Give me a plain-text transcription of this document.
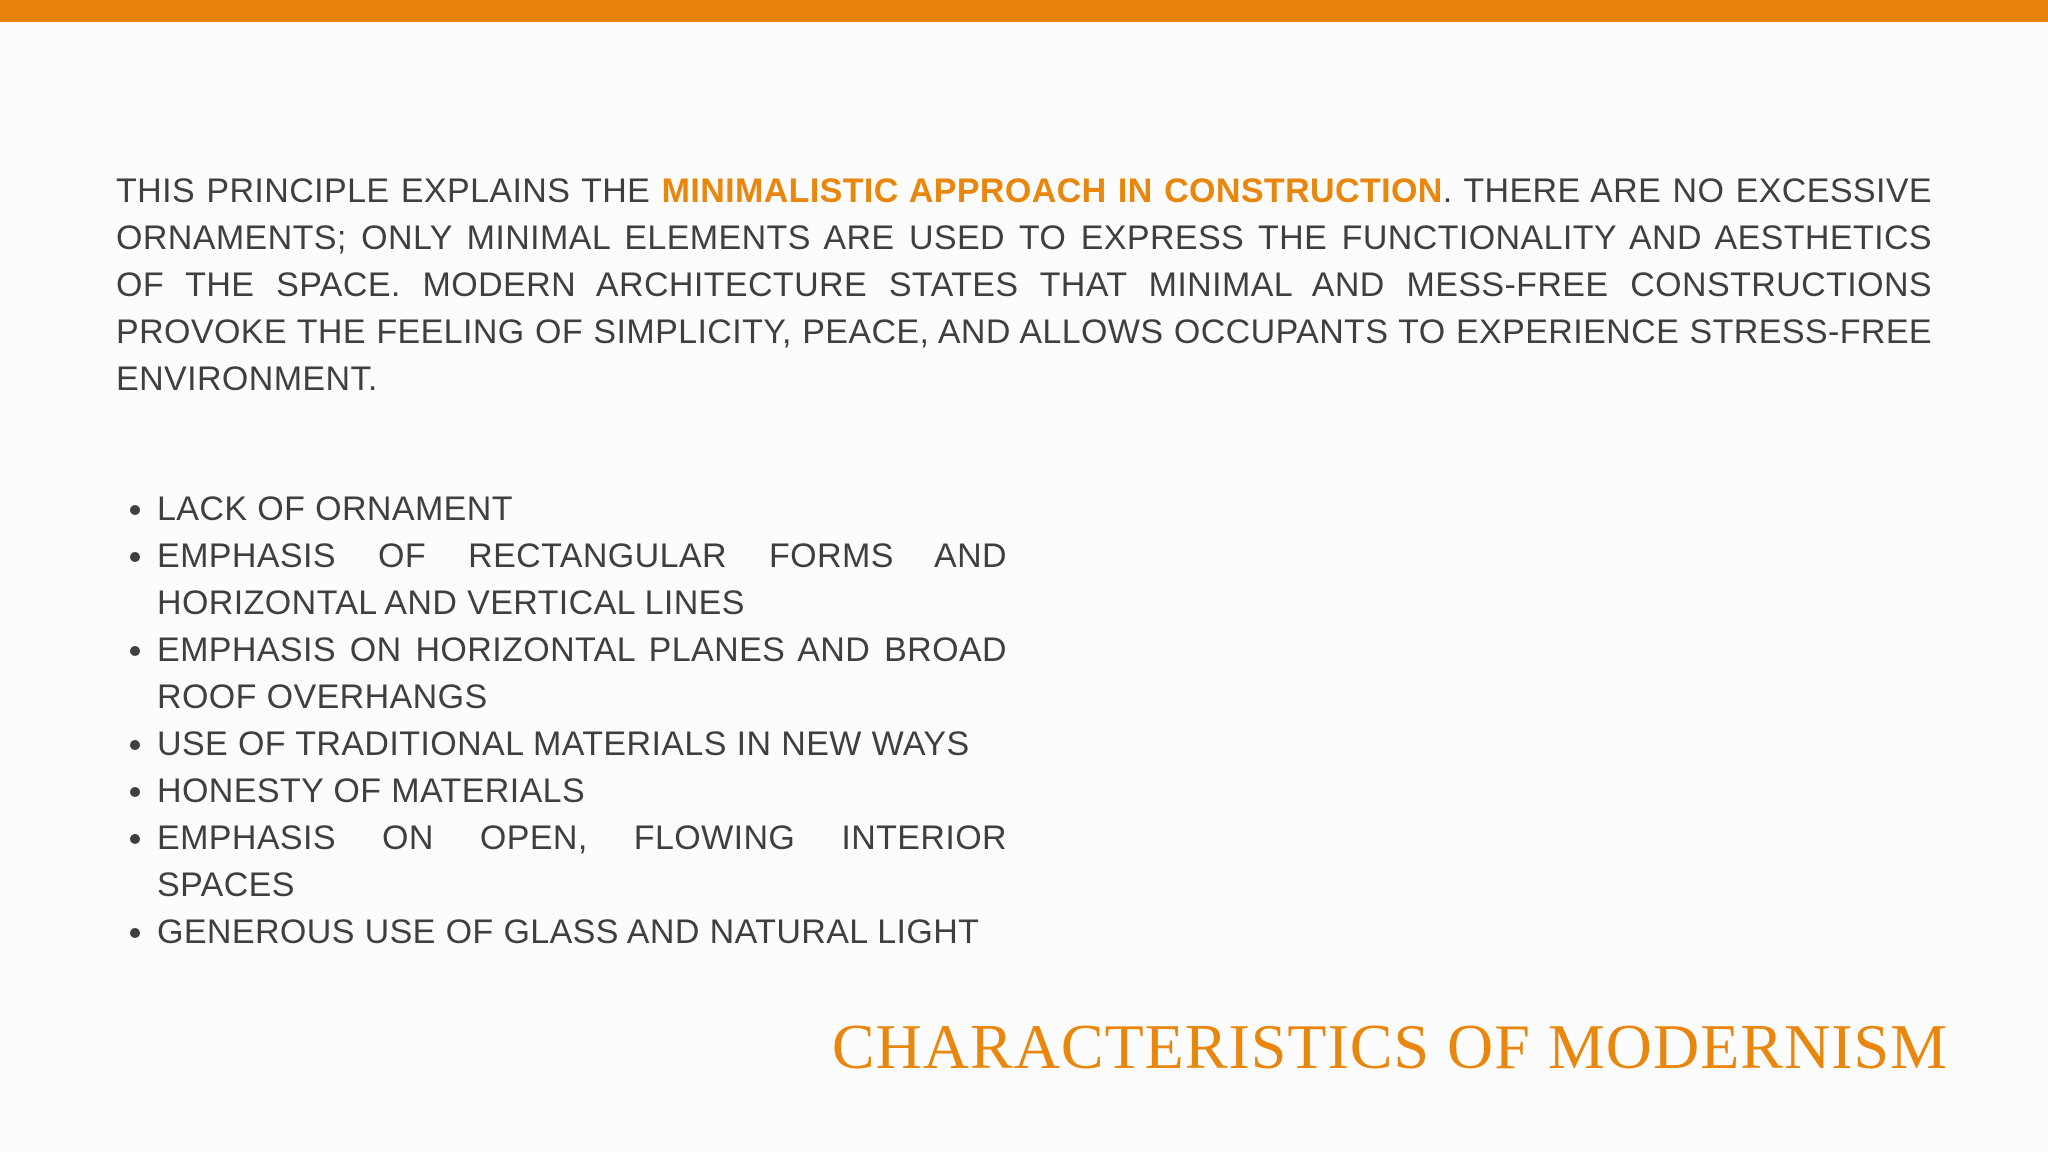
THIS PRINCIPLE EXPLAINS THE MINIMALISTIC APPROACH IN CONSTRUCTION. THERE ARE NO EXCESSIVE ORNAMENTS; ONLY MINIMAL ELEMENTS ARE USED TO EXPRESS THE FUNCTIONALITY AND AESTHETICS OF THE SPACE. MODERN ARCHITECTURE STATES THAT MINIMAL AND MESS-FREE CONSTRUCTIONS PROVOKE THE FEELING OF SIMPLICITY, PEACE, AND ALLOWS OCCUPANTS TO EXPERIENCE STRESS-FREE ENVIRONMENT.

LACK OF ORNAMENT
EMPHASIS OF RECTANGULAR FORMS AND HORIZONTAL AND VERTICAL LINES
EMPHASIS ON HORIZONTAL PLANES AND BROAD ROOF OVERHANGS
USE OF TRADITIONAL MATERIALS IN NEW WAYS
HONESTY OF MATERIALS
EMPHASIS ON OPEN, FLOWING INTERIOR SPACES
GENEROUS USE OF GLASS AND NATURAL LIGHT
CHARACTERISTICS OF MODERNISM
